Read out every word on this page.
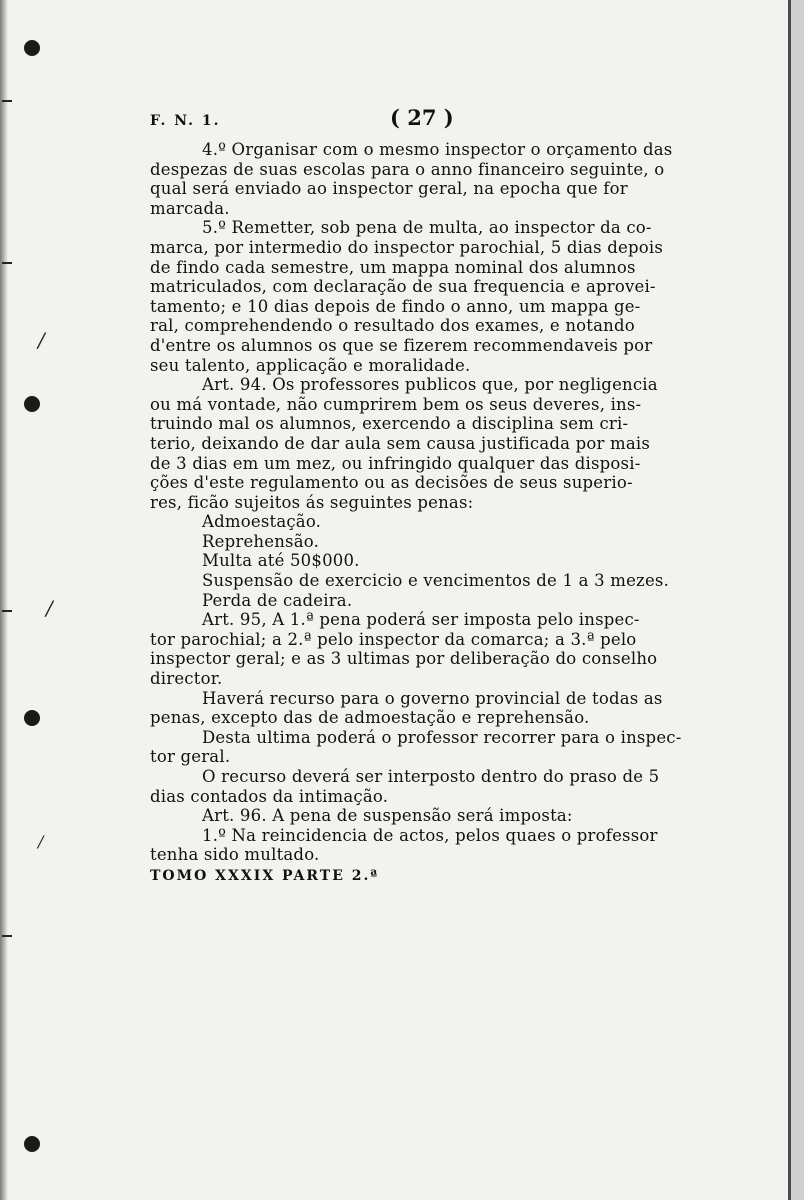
/
/
/
F. N. 1.	( 27 )

4.º Organisar com o mesmo inspector o orçamento das

despezas de suas escolas para o anno financeiro seguinte, o

qual será enviado ao inspector geral, na epocha que for

marcada.

5.º Remetter, sob pena de multa, ao inspector da co-

marca, por intermedio do inspector parochial, 5 dias depois

de findo cada semestre, um mappa nominal dos alumnos

matriculados, com declaração de sua frequencia e aprovei-

tamento; e 10 dias depois de findo o anno, um mappa ge-

ral, comprehendendo o resultado dos exames, e notando

d'entre os alumnos os que se fizerem recommendaveis por

seu talento, applicação e moralidade.

Art. 94. Os professores publicos que, por negligencia

ou má vontade, não cumprirem bem os seus deveres, ins-

truindo mal os alumnos, exercendo a disciplina sem cri-

terio, deixando de dar aula sem causa justificada por mais

de 3 dias em um mez, ou infringido qualquer das disposi-

ções d'este regulamento ou as decisões de seus superio-

res, ficão sujeitos ás seguintes penas:

Admoestação.

Reprehensão.

Multa até 50$000.

Suspensão de exercicio e vencimentos de 1 a 3 mezes.

Perda de cadeira.

Art. 95, A 1.ª pena poderá ser imposta pelo inspec-

tor parochial; a 2.ª pelo inspector da comarca; a 3.ª pelo

inspector geral; e as 3 ultimas por deliberação do conselho

director.

Haverá recurso para o governo provincial de todas as

penas, excepto das de admoestação e reprehensão.

Desta ultima poderá o professor recorrer para o inspec-

tor geral.

O recurso deverá ser interposto dentro do praso de 5

dias contados da intimação.

Art. 96. A pena de suspensão será imposta:

1.º Na reincidencia de actos, pelos quaes o professor

tenha sido multado.

TOMO XXXIX PARTE 2.ª
